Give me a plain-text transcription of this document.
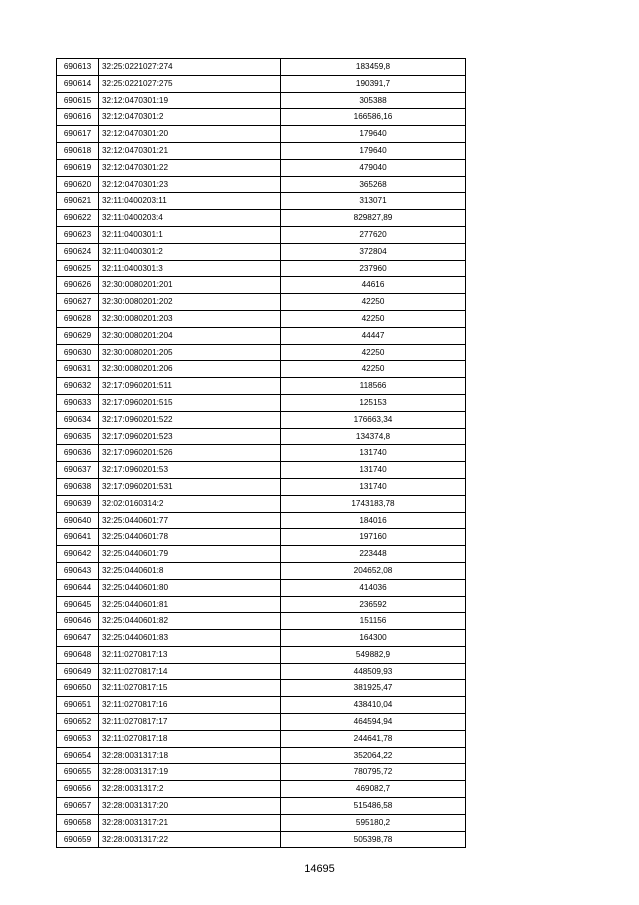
690613	32:25:0221027:274	183459,8
690614	32:25:0221027:275	190391,7
690615	32:12:0470301:19	305388
690616	32:12:0470301:2	166586,16
690617	32:12:0470301:20	179640
690618	32:12:0470301:21	179640
690619	32:12:0470301:22	479040
690620	32:12:0470301:23	365268
690621	32:11:0400203:11	313071
690622	32:11:0400203:4	829827,89
690623	32:11:0400301:1	277620
690624	32:11:0400301:2	372804
690625	32:11:0400301:3	237960
690626	32:30:0080201:201	44616
690627	32:30:0080201:202	42250
690628	32:30:0080201:203	42250
690629	32:30:0080201:204	44447
690630	32:30:0080201:205	42250
690631	32:30:0080201:206	42250
690632	32:17:0960201:511	118566
690633	32:17:0960201:515	125153
690634	32:17:0960201:522	176663,34
690635	32:17:0960201:523	134374,8
690636	32:17:0960201:526	131740
690637	32:17:0960201:53	131740
690638	32:17:0960201:531	131740
690639	32:02:0160314:2	1743183,78
690640	32:25:0440601:77	184016
690641	32:25:0440601:78	197160
690642	32:25:0440601:79	223448
690643	32:25:0440601:8	204652,08
690644	32:25:0440601:80	414036
690645	32:25:0440601:81	236592
690646	32:25:0440601:82	151156
690647	32:25:0440601:83	164300
690648	32:11:0270817:13	549882,9
690649	32:11:0270817:14	448509,93
690650	32:11:0270817:15	381925,47
690651	32:11:0270817:16	438410,04
690652	32:11:0270817:17	464594,94
690653	32:11:0270817:18	244641,78
690654	32:28:0031317:18	352064,22
690655	32:28:0031317:19	780795,72
690656	32:28:0031317:2	469082,7
690657	32:28:0031317:20	515486,58
690658	32:28:0031317:21	595180,2
690659	32:28:0031317:22	505398,78
14695
